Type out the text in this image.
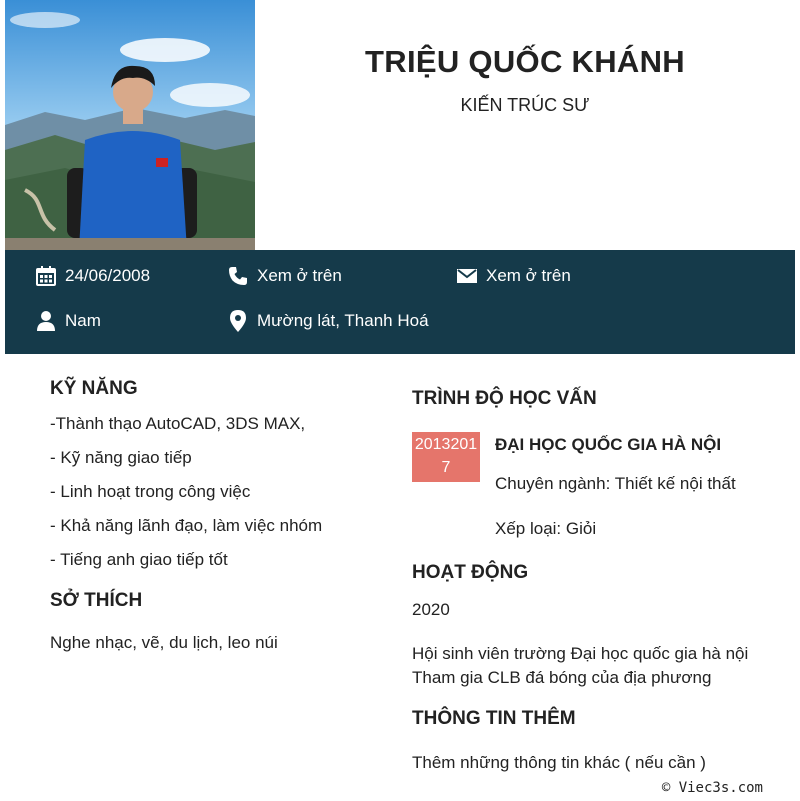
TRIỆU QUỐC KHÁNH
KIẾN TRÚC SƯ
24/06/2008	Xem ở trên	Xem ở trên
Nam	Mường lát, Thanh Hoá
KỸ NĂNG

-Thành thạo AutoCAD, 3DS MAX,

- Kỹ năng giao tiếp

- Linh hoạt trong công việc

- Khả năng lãnh đạo, làm việc nhóm

- Tiếng anh giao tiếp tốt

SỞ THÍCH

Nghe nhạc, vẽ, du lịch, leo núi

TRÌNH ĐỘ HỌC VẤN
20132017
ĐẠI HỌC QUỐC GIA HÀ NỘI
Chuyên ngành: Thiết kế nội thất
Xếp loại: Giỏi
HOẠT ĐỘNG

2020

Hội sinh viên trường Đại học quốc gia hà nội

Tham gia CLB đá bóng của địa phương

THÔNG TIN THÊM

Thêm những thông tin khác ( nếu cần )

© Viec3s.com
